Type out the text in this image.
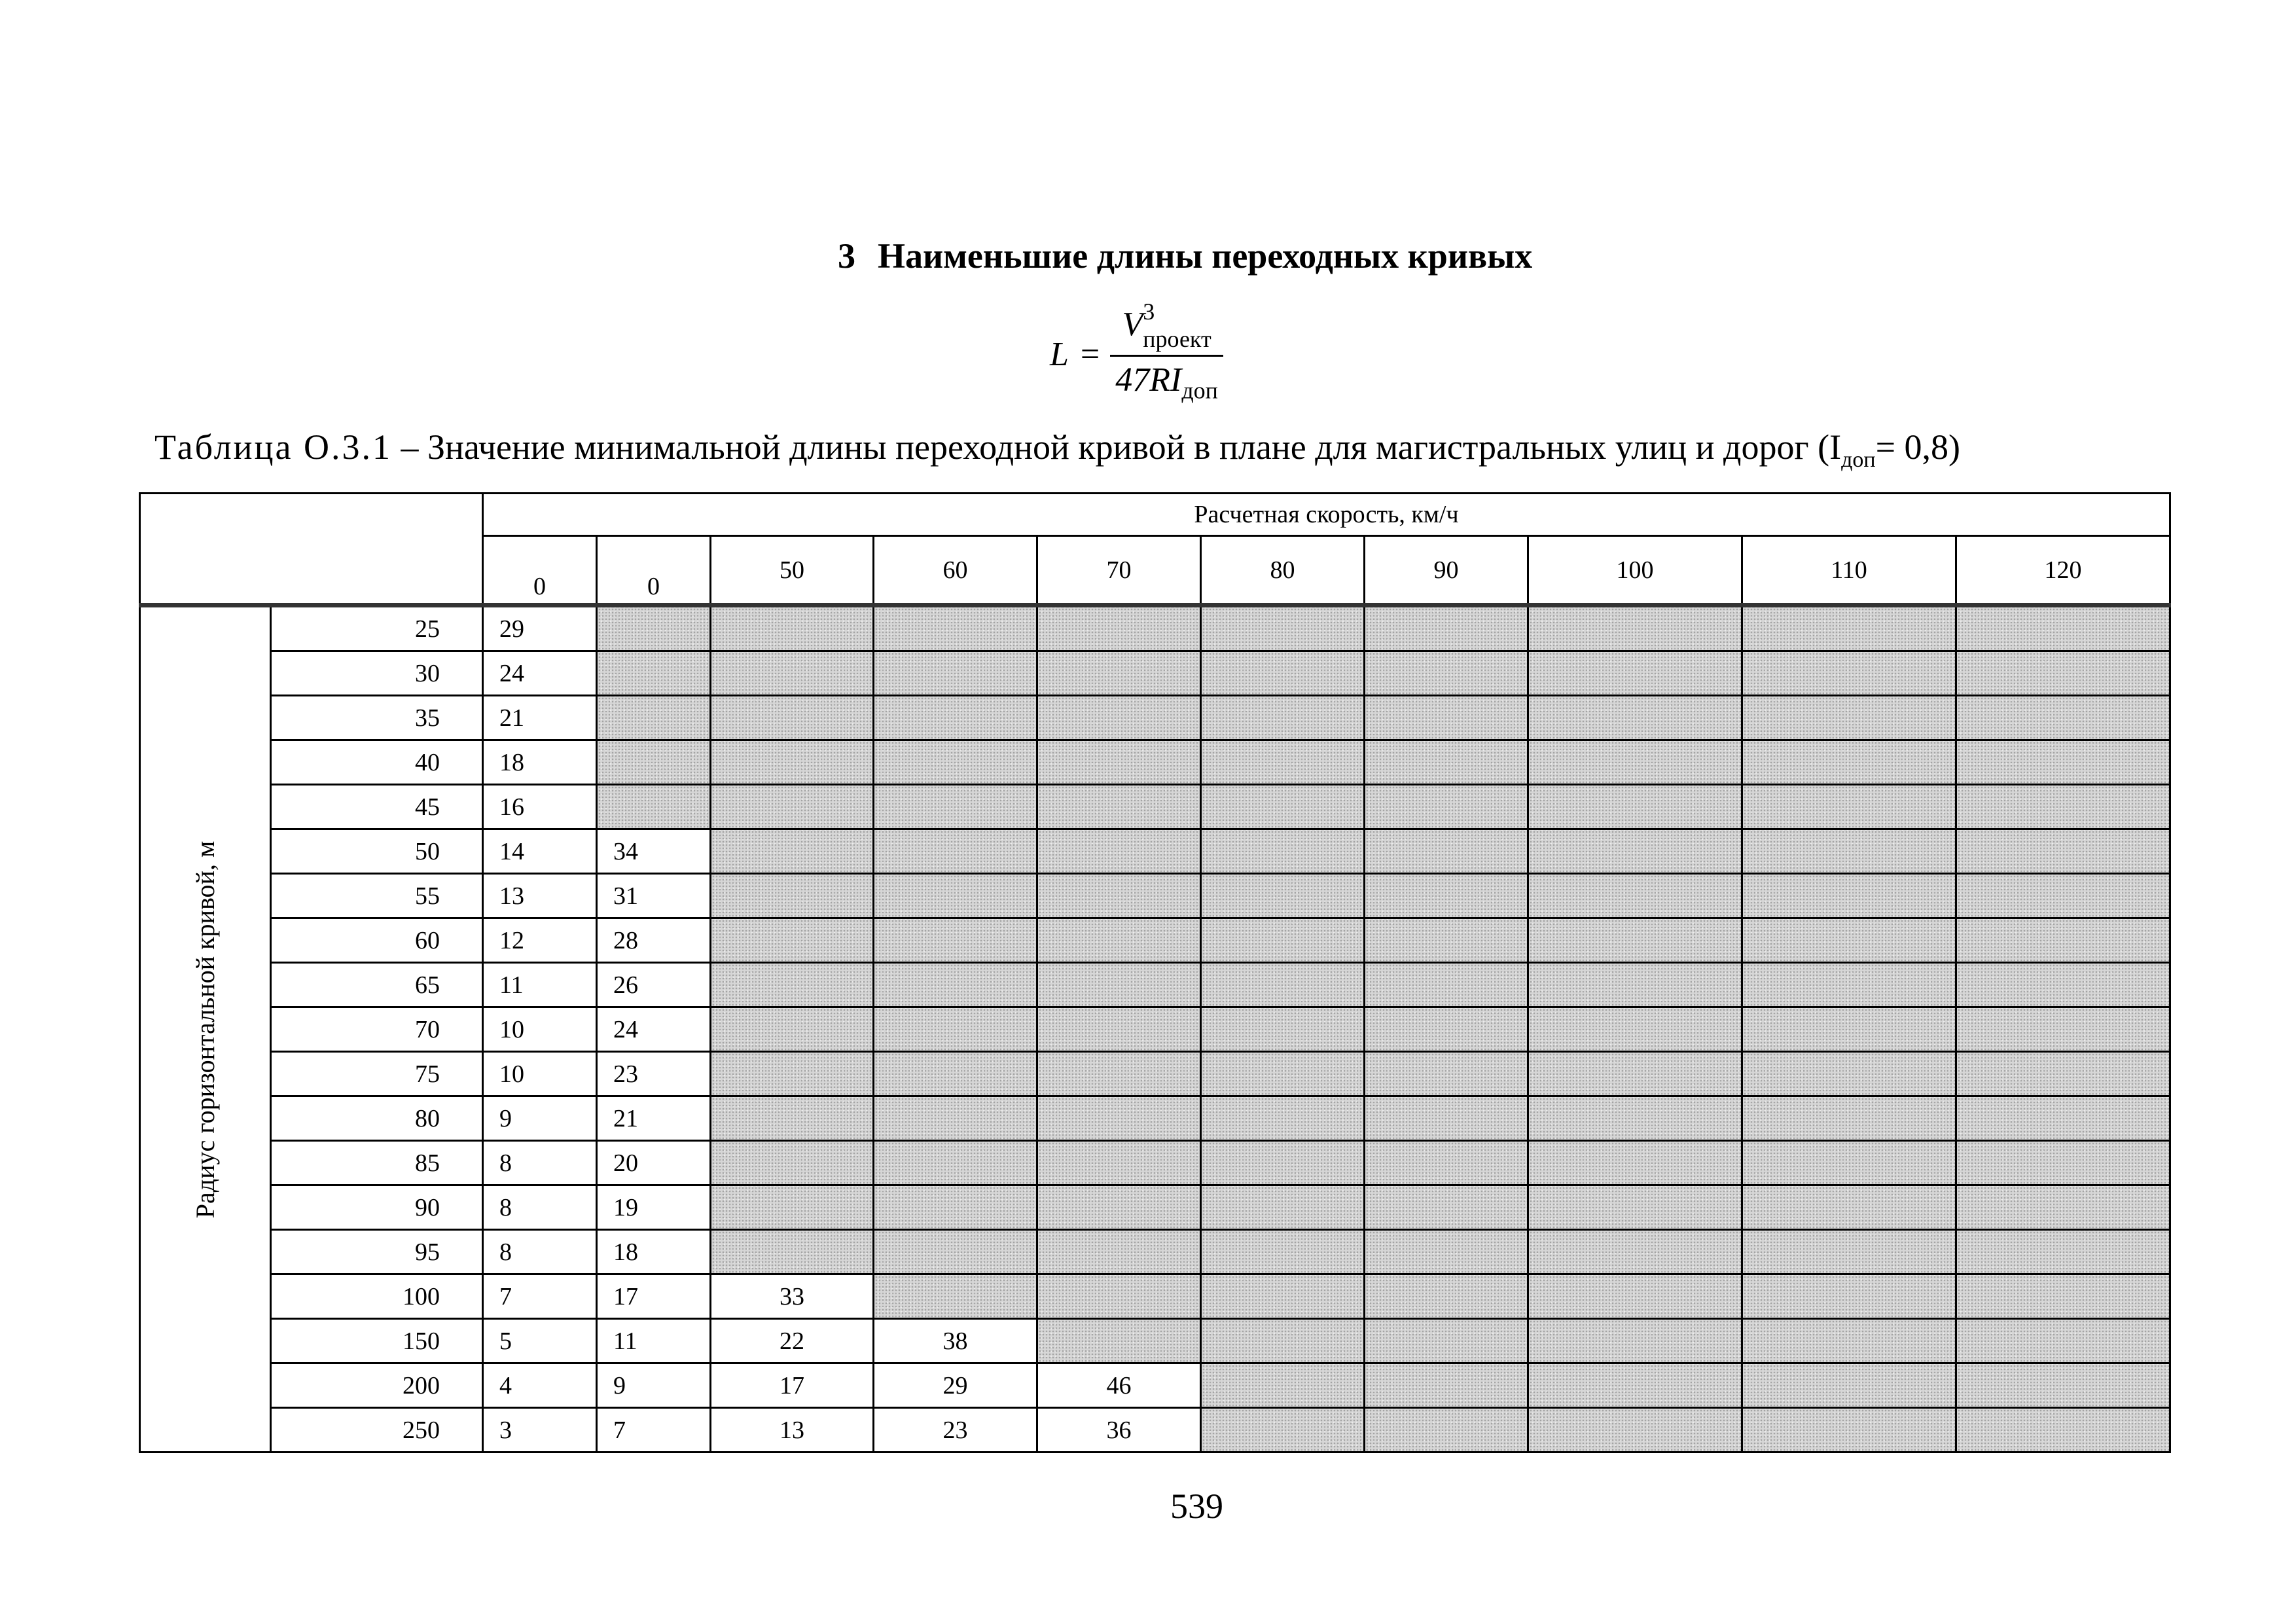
3 Наименьшие длины переходных кривых
$L = V^3$
проект
$47RI_{доп}$
Таблица О.3.1 – Значение минимальной длины переходной кривой в плане для магистральных улиц и дорог $(I_{доп}= 0,8)$
		Расчетная скорость, км/ч									
		0	0	50	60	70	80	90	100	110	120

Радиус горизонтальной кривой, м	25	29									
	30	24									
	35	21									
	40	18									
	45	16									
	50	14	34								
	55	13	31								
	60	12	28								
	65	11	26								
	70	10	24								
	75	10	23								
	80	9	21								
	85	8	20								
	90	8	19								
	95	8	18								
	100	7	17	33							
	150	5	11	22	38						
	200	4	9	17	29	46					
	250	3	7	13	23	36					
539
